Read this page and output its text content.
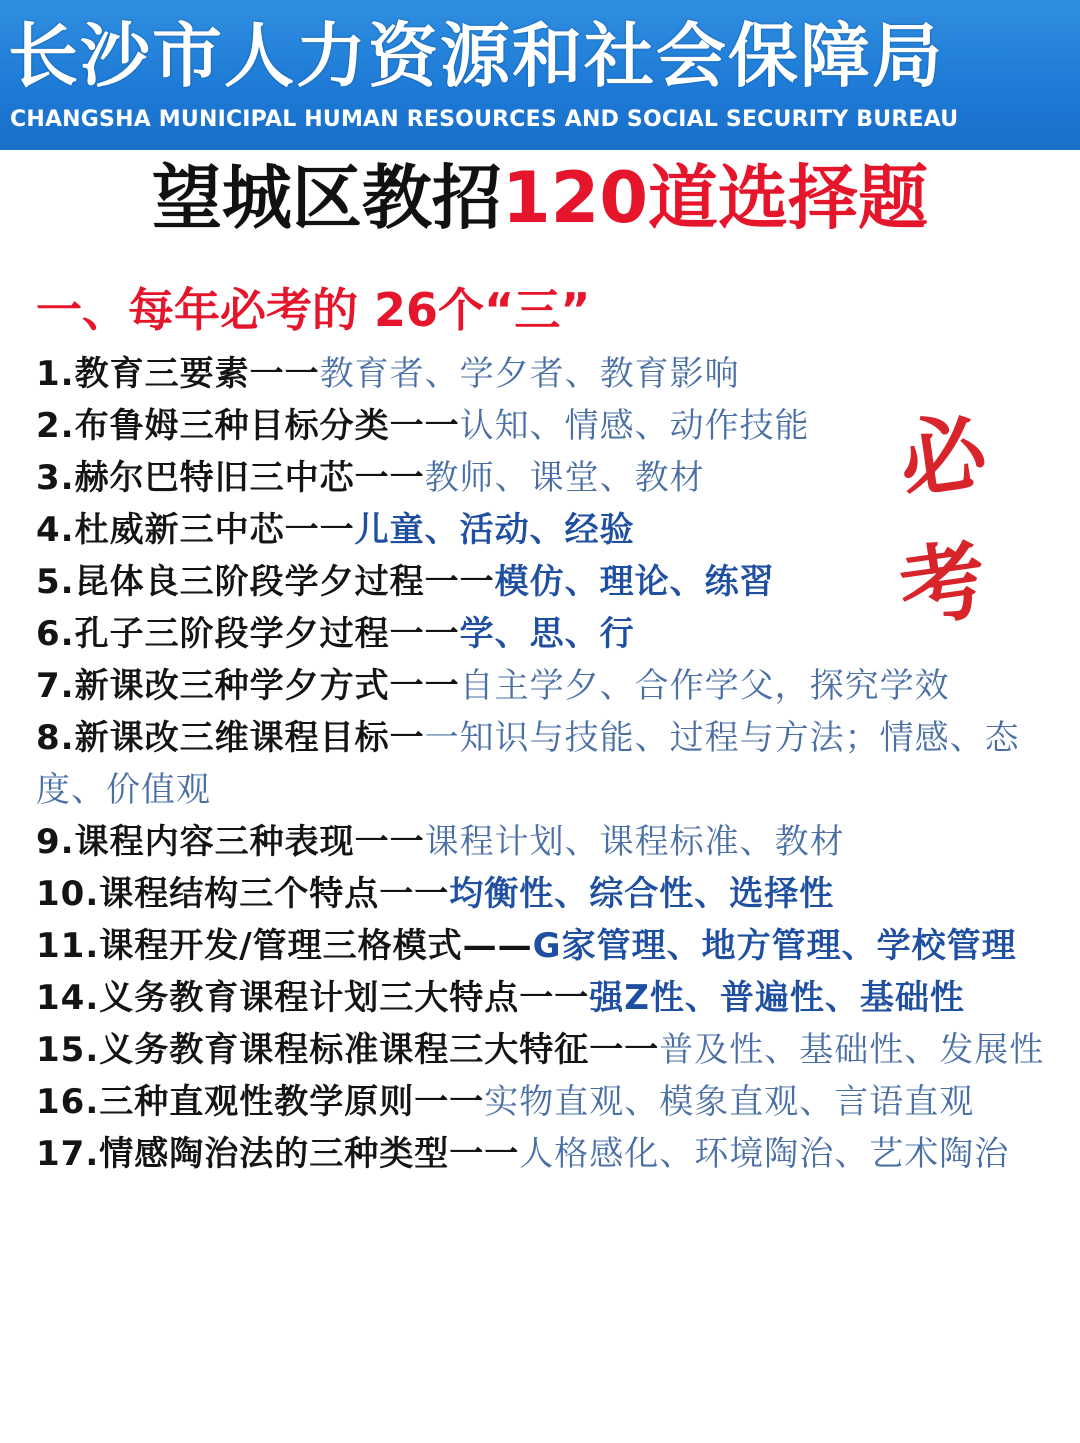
长沙市人力资源和社会保障局
CHANGSHA MUNICIPAL HUMAN RESOURCES AND SOCIAL SECURITY BUREAU
望城区教招120道选择题
一、每年必考的 26个“三”
1.教育三要素一一教育者、学夕者、教育影响
2.布鲁姆三种目标分类一一认知、情感、动作技能
3.赫尔巴特旧三中芯一一教师、课堂、教材
4.杜威新三中芯一一儿童、活动、经验
5.昆体良三阶段学夕过程一一模仿、理论、练習
6.孔子三阶段学夕过程一一学、思、行
7.新课改三种学夕方式一一自主学夕、合作学父，探究学效
8.新课改三维课程目标一一知识与技能、过程与方法；情感、态度、价值观
9.课程内容三种表现一一课程计划、课程标准、教材
10.课程结构三个特点一一均衡性、综合性、选择性
11.课程开发/管理三格模式——G家管理、地方管理、学校管理
14.义务教育课程计划三大特点一一强Z性、普遍性、基础性
15.义务教育课程标准课程三大特征一一普及性、基础性、发展性
16.三种直观性教学原则一一实物直观、模象直观、言语直观
17.情感陶治法的三种类型一一人格感化、环境陶治、艺术陶治
必
考
